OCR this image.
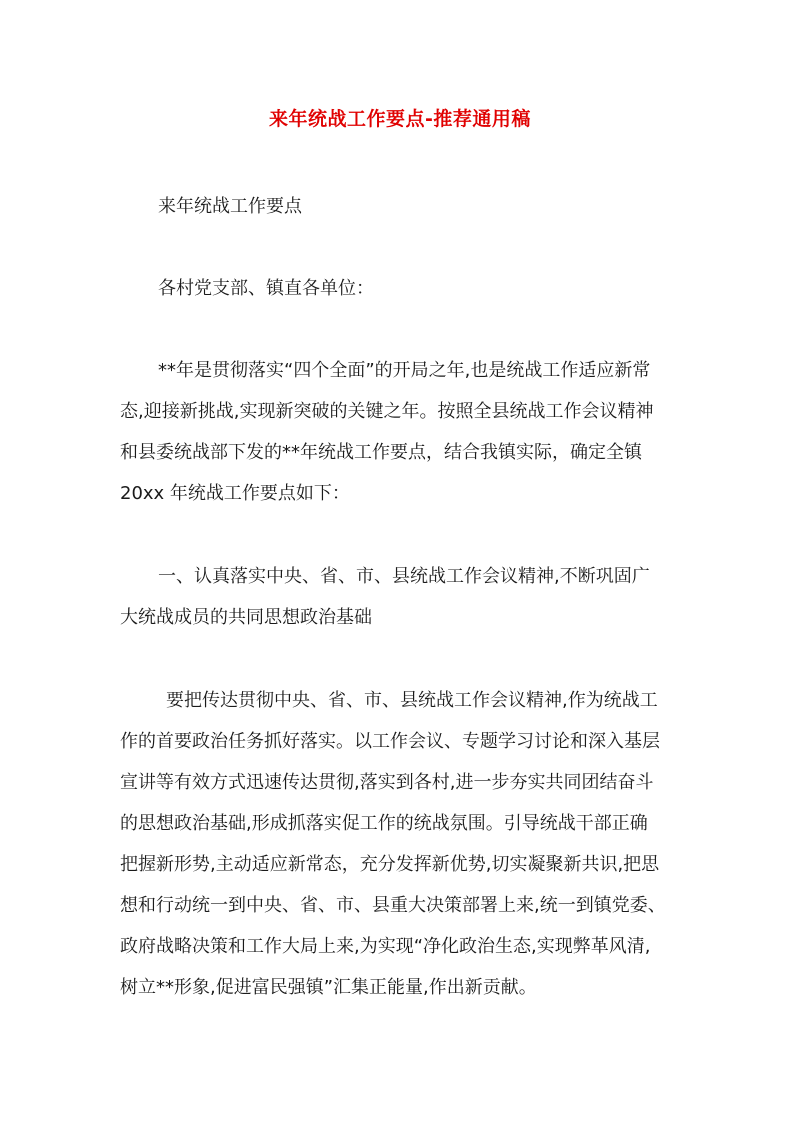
来年统战工作要点-推荐通用稿
来年统战工作要点
各村党支部、镇直各单位：
**年是贯彻落实“四个全面”的开局之年,也是统战工作适应新常
态,迎接新挑战,实现新突破的关键之年。按照全县统战工作会议精神
和县委统战部下发的**年统战工作要点，结合我镇实际，确定全镇
20xx 年统战工作要点如下：
一、认真落实中央、省、市、县统战工作会议精神,不断巩固广
大统战成员的共同思想政治基础
要把传达贯彻中央、省、市、县统战工作会议精神,作为统战工
作的首要政治任务抓好落实。以工作会议、专题学习讨论和深入基层
宣讲等有效方式迅速传达贯彻,落实到各村,进一步夯实共同团结奋斗
的思想政治基础,形成抓落实促工作的统战氛围。引导统战干部正确
把握新形势,主动适应新常态，充分发挥新优势,切实凝聚新共识,把思
想和行动统一到中央、省、市、县重大决策部署上来,统一到镇党委、
政府战略决策和工作大局上来,为实现“净化政治生态,实现弊革风清,
树立**形象,促进富民强镇”汇集正能量,作出新贡献。
